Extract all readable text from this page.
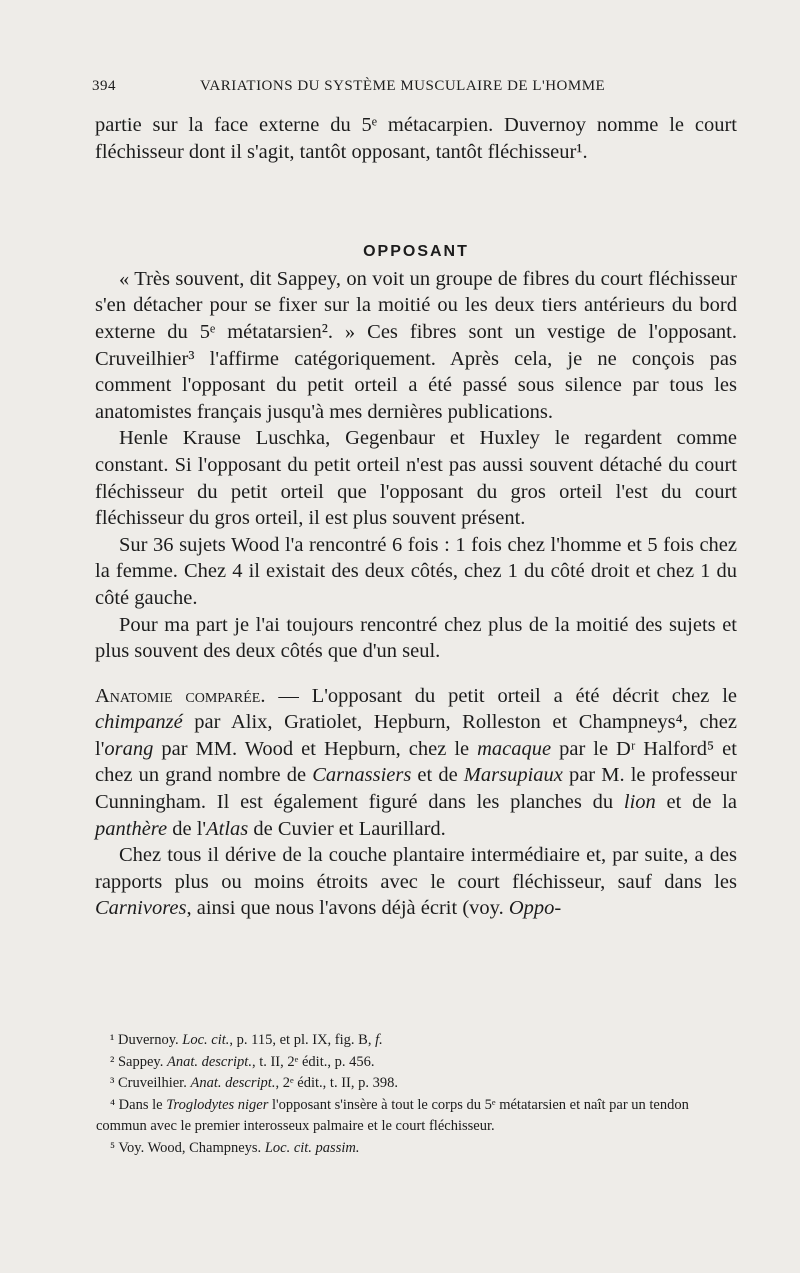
394	VARIATIONS DU SYSTÈME MUSCULAIRE DE L'HOMME

partie sur la face externe du 5ᵉ métacarpien. Duvernoy nomme le court fléchisseur dont il s'agit, tantôt opposant, tantôt fléchisseur¹.

OPPOSANT

« Très souvent, dit Sappey, on voit un groupe de fibres du court fléchisseur s'en détacher pour se fixer sur la moitié ou les deux tiers antérieurs du bord externe du 5ᵉ métatarsien². » Ces fibres sont un vestige de l'opposant. Cruveilhier³ l'affirme catégoriquement. Après cela, je ne conçois pas comment l'opposant du petit orteil a été passé sous silence par tous les anatomistes français jusqu'à mes dernières publications.

Henle Krause Luschka, Gegenbaur et Huxley le regardent comme constant. Si l'opposant du petit orteil n'est pas aussi souvent détaché du court fléchisseur du petit orteil que l'opposant du gros orteil l'est du court fléchisseur du gros orteil, il est plus souvent présent.

Sur 36 sujets Wood l'a rencontré 6 fois : 1 fois chez l'homme et 5 fois chez la femme. Chez 4 il existait des deux côtés, chez 1 du côté droit et chez 1 du côté gauche.

Pour ma part je l'ai toujours rencontré chez plus de la moitié des sujets et plus souvent des deux côtés que d'un seul.

Anatomie comparée. — L'opposant du petit orteil a été décrit chez le chimpanzé par Alix, Gratiolet, Hepburn, Rolleston et Champneys⁴, chez l'orang par MM. Wood et Hepburn, chez le macaque par le Dʳ Halford⁵ et chez un grand nombre de Carnassiers et de Marsupiaux par M. le professeur Cunningham. Il est également figuré dans les planches du lion et de la panthère de l'Atlas de Cuvier et Laurillard.

Chez tous il dérive de la couche plantaire intermédiaire et, par suite, a des rapports plus ou moins étroits avec le court fléchisseur, sauf dans les Carnivores, ainsi que nous l'avons déjà écrit (voy. Oppo-

¹ Duvernoy. Loc. cit., p. 115, et pl. IX, fig. B, f.

² Sappey. Anat. descript., t. II, 2ᵉ édit., p. 456.

³ Cruveilhier. Anat. descript., 2ᵉ édit., t. II, p. 398.

⁴ Dans le Troglodytes niger l'opposant s'insère à tout le corps du 5ᵉ métatarsien et naît par un tendon commun avec le premier interosseux palmaire et le court fléchisseur.

⁵ Voy. Wood, Champneys. Loc. cit. passim.
